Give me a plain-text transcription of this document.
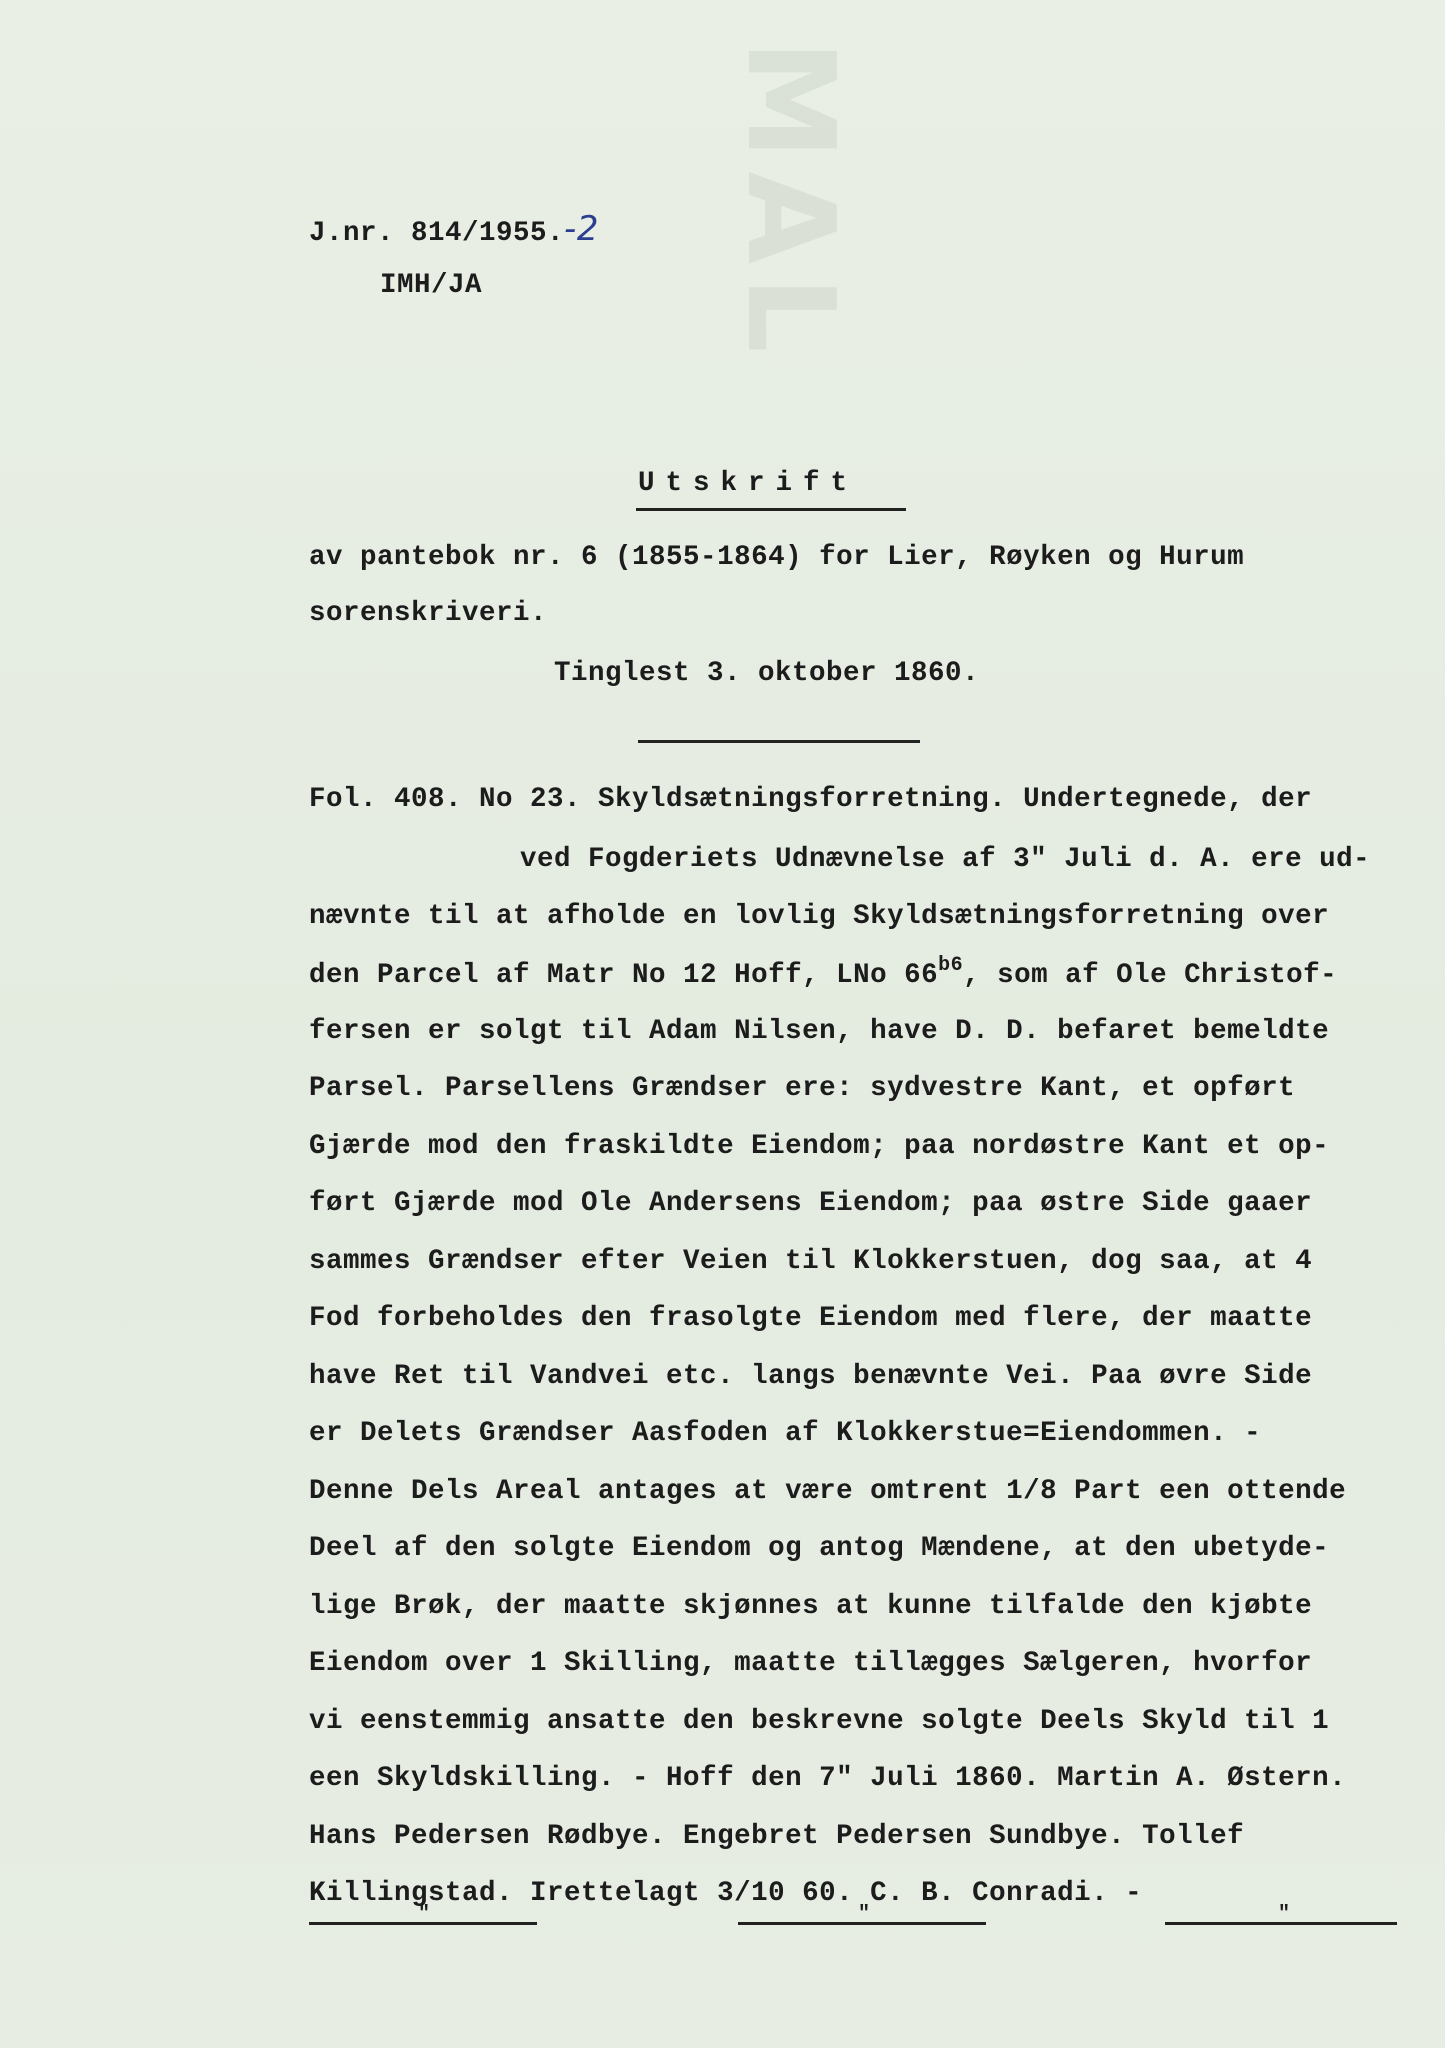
MAL

J.nr. 814/1955.-2

IMH/JA

Utskrift

av pantebok nr. 6 (1855-1864) for Lier, Røyken og Hurum

sorenskriveri.

Tinglest 3. oktober 1860.

Fol. 408. No 23. Skyldsætningsforretning. Undertegnede, der

ved Fogderiets Udnævnelse af 3" Juli d. A. ere ud-

nævnte til at afholde en lovlig Skyldsætningsforretning over

den Parcel af Matr No 12 Hoff, LNo $66^{b6}$, som af Ole Christof-

fersen er solgt til Adam Nilsen, have D. D. befaret bemeldte

Parsel. Parsellens Grændser ere: sydvestre Kant, et opført

Gjærde mod den fraskildte Eiendom; paa nordøstre Kant et op-

ført Gjærde mod Ole Andersens Eiendom; paa østre Side gaaer

sammes Grændser efter Veien til Klokkerstuen, dog saa, at 4

Fod forbeholdes den frasolgte Eiendom med flere, der maatte

have Ret til Vandvei etc. langs benævnte Vei. Paa øvre Side

er Delets Grændser Aasfoden af Klokkerstue=Eiendommen. -

Denne Dels Areal antages at være omtrent 1/8 Part een ottende

Deel af den solgte Eiendom og antog Mændene, at den ubetyde-

lige Brøk, der maatte skjønnes at kunne tilfalde den kjøbte

Eiendom over 1 Skilling, maatte tillægges Sælgeren, hvorfor

vi eenstemmig ansatte den beskrevne solgte Deels Skyld til 1

een Skyldskilling. - Hoff den 7" Juli 1860. Martin A. Østern.

Hans Pedersen Rødbye. Engebret Pedersen Sundbye. Tollef

Killingstad. Irettelagt 3/10 60. C. B. Conradi. -

"	"	"
